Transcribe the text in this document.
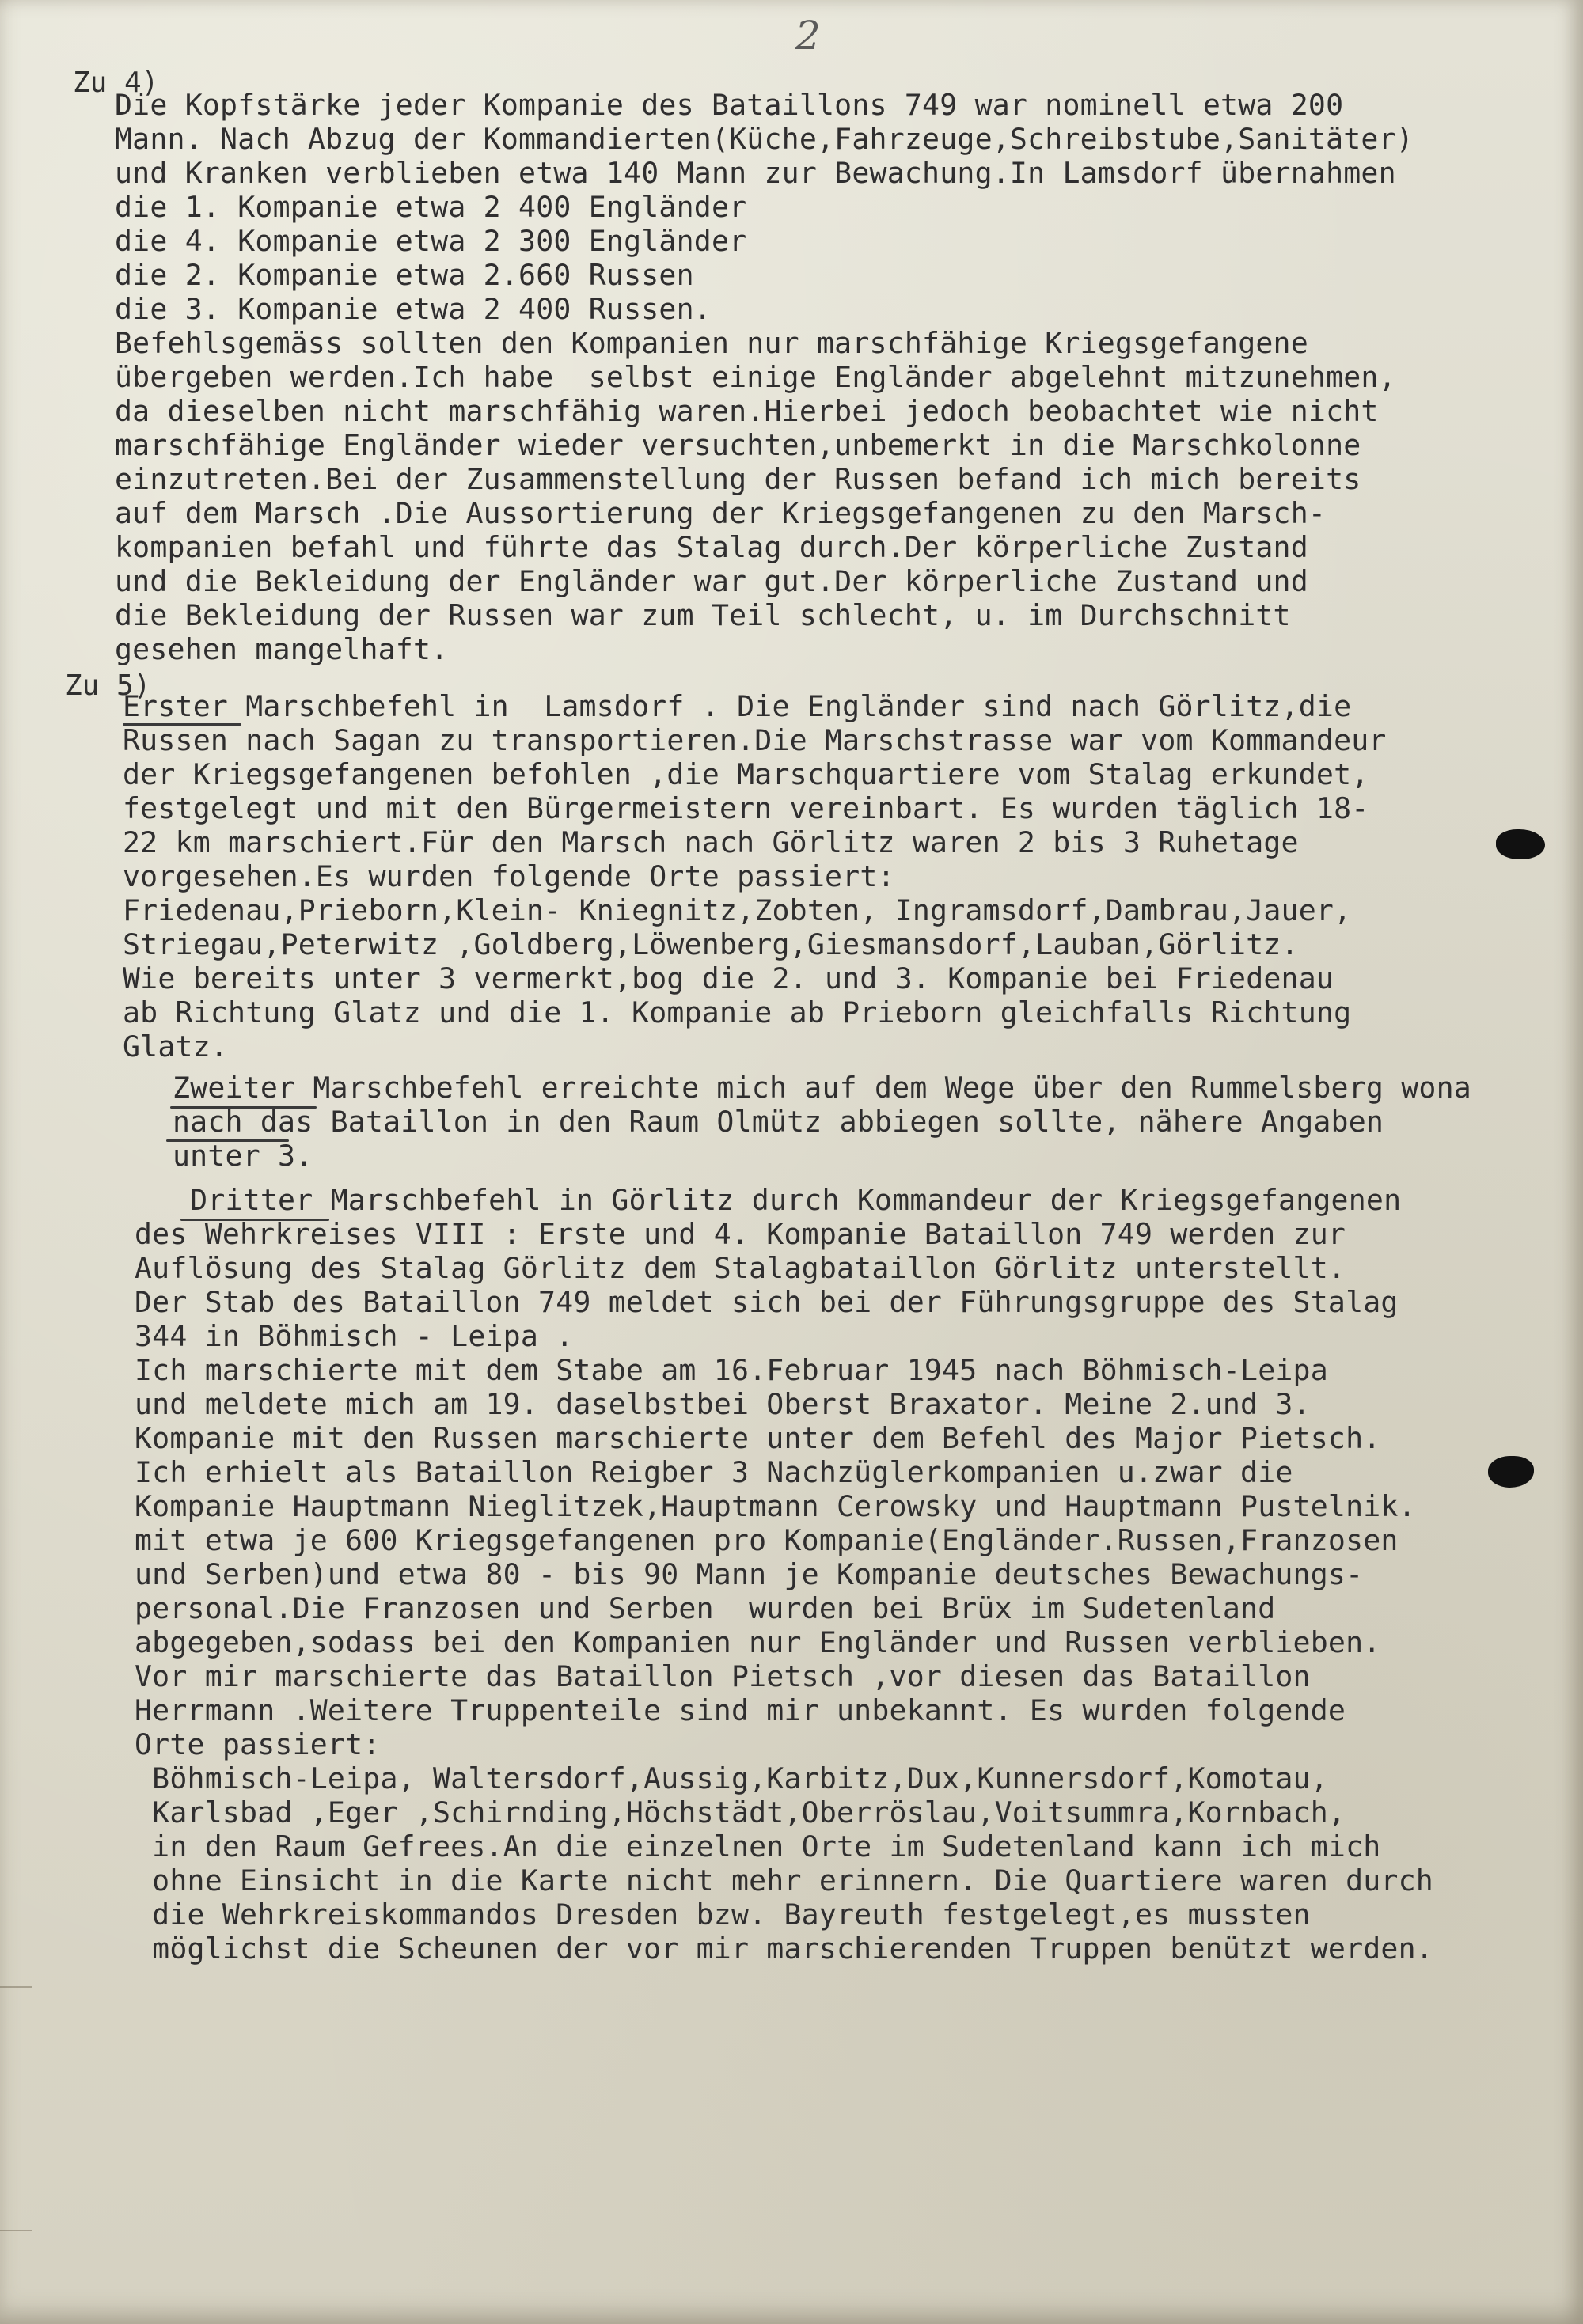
2
Zu 4)
Die Kopfstärke jeder Kompanie des Bataillons 749 war nominell etwa 200
Mann. Nach Abzug der Kommandierten(Küche,Fahrzeuge,Schreibstube,Sanitäter)
und Kranken verblieben etwa 140 Mann zur Bewachung.In Lamsdorf übernahmen
die 1. Kompanie etwa 2 400 Engländer
die 4. Kompanie etwa 2 300 Engländer
die 2. Kompanie etwa 2.660 Russen
die 3. Kompanie etwa 2 400 Russen.
Befehlsgemäss sollten den Kompanien nur marschfähige Kriegsgefangene
übergeben werden.Ich habe  selbst einige Engländer abgelehnt mitzunehmen,
da dieselben nicht marschfähig waren.Hierbei jedoch beobachtet wie nicht
marschfähige Engländer wieder versuchten,unbemerkt in die Marschkolonne
einzutreten.Bei der Zusammenstellung der Russen befand ich mich bereits
auf dem Marsch .Die Aussortierung der Kriegsgefangenen zu den Marsch-
kompanien befahl und führte das Stalag durch.Der körperliche Zustand
und die Bekleidung der Engländer war gut.Der körperliche Zustand und
die Bekleidung der Russen war zum Teil schlecht, u. im Durchschnitt
gesehen mangelhaft.
Zu 5)
Erster Marschbefehl in  Lamsdorf . Die Engländer sind nach Görlitz,die
Russen nach Sagan zu transportieren.Die Marschstrasse war vom Kommandeur
der Kriegsgefangenen befohlen ,die Marschquartiere vom Stalag erkundet,
festgelegt und mit den Bürgermeistern vereinbart. Es wurden täglich 18-
22 km marschiert.Für den Marsch nach Görlitz waren 2 bis 3 Ruhetage
vorgesehen.Es wurden folgende Orte passiert:
Friedenau,Prieborn,Klein- Kniegnitz,Zobten, Ingramsdorf,Dambrau,Jauer,
Striegau,Peterwitz ,Goldberg,Löwenberg,Giesmansdorf,Lauban,Görlitz.
Wie bereits unter 3 vermerkt,bog die 2. und 3. Kompanie bei Friedenau
ab Richtung Glatz und die 1. Kompanie ab Prieborn gleichfalls Richtung
Glatz.
Zweiter Marschbefehl erreichte mich auf dem Wege über den Rummelsberg wona
nach das Bataillon in den Raum Olmütz abbiegen sollte, nähere Angaben
unter 3.
Dritter Marschbefehl in Görlitz durch Kommandeur der Kriegsgefangenen
des Wehrkreises VIII : Erste und 4. Kompanie Bataillon 749 werden zur
Auflösung des Stalag Görlitz dem Stalagbataillon Görlitz unterstellt.
Der Stab des Bataillon 749 meldet sich bei der Führungsgruppe des Stalag
344 in Böhmisch - Leipa .
Ich marschierte mit dem Stabe am 16.Februar 1945 nach Böhmisch-Leipa
und meldete mich am 19. daselbstbei Oberst Braxator. Meine 2.und 3.
Kompanie mit den Russen marschierte unter dem Befehl des Major Pietsch.
Ich erhielt als Bataillon Reigber 3 Nachzüglerkompanien u.zwar die
Kompanie Hauptmann Nieglitzek,Hauptmann Cerowsky und Hauptmann Pustelnik.
mit etwa je 600 Kriegsgefangenen pro Kompanie(Engländer.Russen,Franzosen
und Serben)und etwa 80 - bis 90 Mann je Kompanie deutsches Bewachungs-
personal.Die Franzosen und Serben  wurden bei Brüx im Sudetenland
abgegeben,sodass bei den Kompanien nur Engländer und Russen verblieben.
Vor mir marschierte das Bataillon Pietsch ,vor diesen das Bataillon
Herrmann .Weitere Truppenteile sind mir unbekannt. Es wurden folgende
Orte passiert:
Böhmisch-Leipa, Waltersdorf,Aussig,Karbitz,Dux,Kunnersdorf,Komotau,
Karlsbad ,Eger ,Schirnding,Höchstädt,Oberröslau,Voitsummra,Kornbach,
in den Raum Gefrees.An die einzelnen Orte im Sudetenland kann ich mich
ohne Einsicht in die Karte nicht mehr erinnern. Die Quartiere waren durch
die Wehrkreiskommandos Dresden bzw. Bayreuth festgelegt,es mussten
möglichst die Scheunen der vor mir marschierenden Truppen benützt werden.
